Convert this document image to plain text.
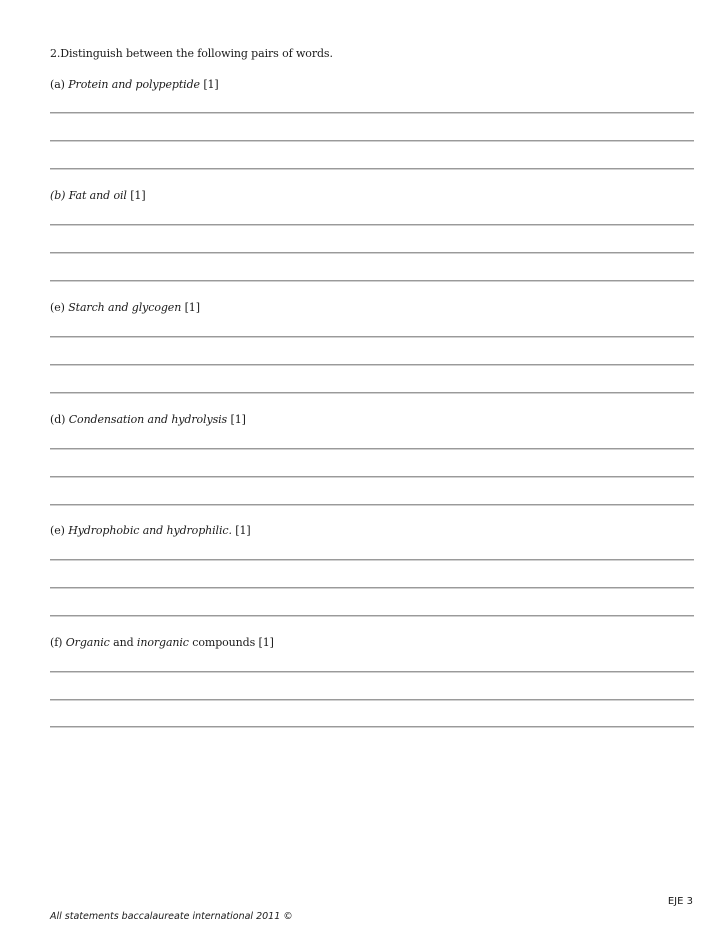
2.Distinguish between the following pairs of words.
(a) Protein and polypeptide [1]
(b) Fat and oil [1]
(e) Starch and glycogen [1]
(d) Condensation and hydrolysis [1]
(e) Hydrophobic and hydrophilic. [1]
(f) Organic and inorganic compounds [1]
EJE 3
All statements baccalaureate international 2011 ©
